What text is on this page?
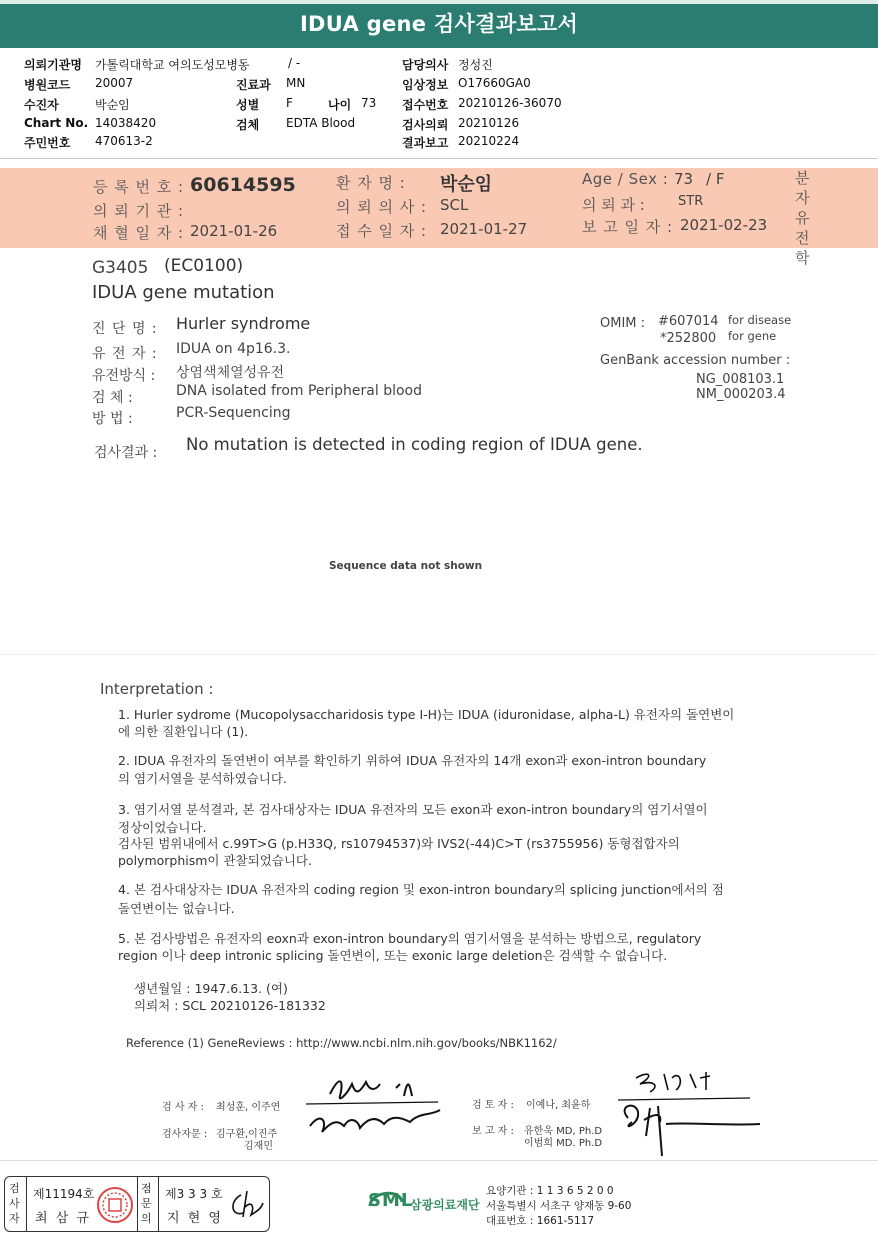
IDUA gene 검사결과보고서
의뢰기관명 가톨릭대학교 여의도성모병동	/ -	담당의사 정성진
병원코드 20007	진료과 MN	임상정보 O17660GA0
수진자	박순임	성별 F	나이 73 접수번호 20210126-36070
Chart No. 14038420	검체 EDTA Blood	검사의뢰 20210126
주민번호 470613-2	결과보고 20210224
등 록 번 호 : 60614595	환 자 명 : 박순임	Age / Sex : 73 / F
의 뢰 기 관 :	의 뢰 의 사 : SCL	의 뢰 과 :	STR
채 혈 일 자 : 2021-01-26	접 수 일 자 : 2021-01-27	보 고 일 자 : 2021-02-23
분자유전학
G3405 (EC0100)
IDUA gene mutation
진 단 명 : Hurler syndrome
유 전 자 : IDUA on 4p16.3.
유전방식 : 상염색체열성유전
검 체 :	DNA isolated from Peripheral blood
방 법 :	PCR-Sequencing
OMIM : #607014 for disease
*252800 for gene
GenBank accession number :
NG_008103.1
NM_000203.4
검사결과 : No mutation is detected in coding region of IDUA gene.
Sequence data not shown
Interpretation :
1. Hurler sydrome (Mucopolysaccharidosis type I-H)는 IDUA (iduronidase, alpha-L) 유전자의 돌연변이
에 의한 질환입니다 (1).
2. IDUA 유전자의 돌연변이 여부를 확인하기 위하여 IDUA 유전자의 14개 exon과 exon-intron boundary
의 염기서열을 분석하였습니다.
3. 염기서열 분석결과, 본 검사대상자는 IDUA 유전자의 모든 exon과 exon-intron boundary의 염기서열이
정상이었습니다.
검사된 범위내에서 c.99T>G (p.H33Q, rs10794537)와 IVS2(-44)C>T (rs3755956) 동형접합자의
polymorphism이 관찰되었습니다.
4. 본 검사대상자는 IDUA 유전자의 coding region 및 exon-intron boundary의 splicing junction에서의 점
돌연변이는 없습니다.
5. 본 검사방법은 유전자의 eoxn과 exon-intron boundary의 염기서열을 분석하는 방법으로, regulatory
region 이나 deep intronic splicing 돌연변이, 또는 exonic large deletion은 검색할 수 없습니다.
생년월일 : 1947.6.13. (여)
의뢰처 : SCL 20210126-181332
Reference (1) GeneReviews : http://www.ncbi.nlm.nih.gov/books/NBK1162/
검 사 자 : 최성훈, 이주연
검사자문 : 김구환,이진주
김재민
검 토 자 : 이예나, 최윤하
보 고 자 : 유한욱 MD, Ph.D
이범희 MD. Ph.D
검사자
제11194호
최 삼 규
점문의
제3 3 3 호
지 현 영
SML
삼광의료재단
요양기관 : 1 1 3 6 5 2 0 0
서울특별시 서초구 양재동 9-60
대표번호 : 1661-5117
